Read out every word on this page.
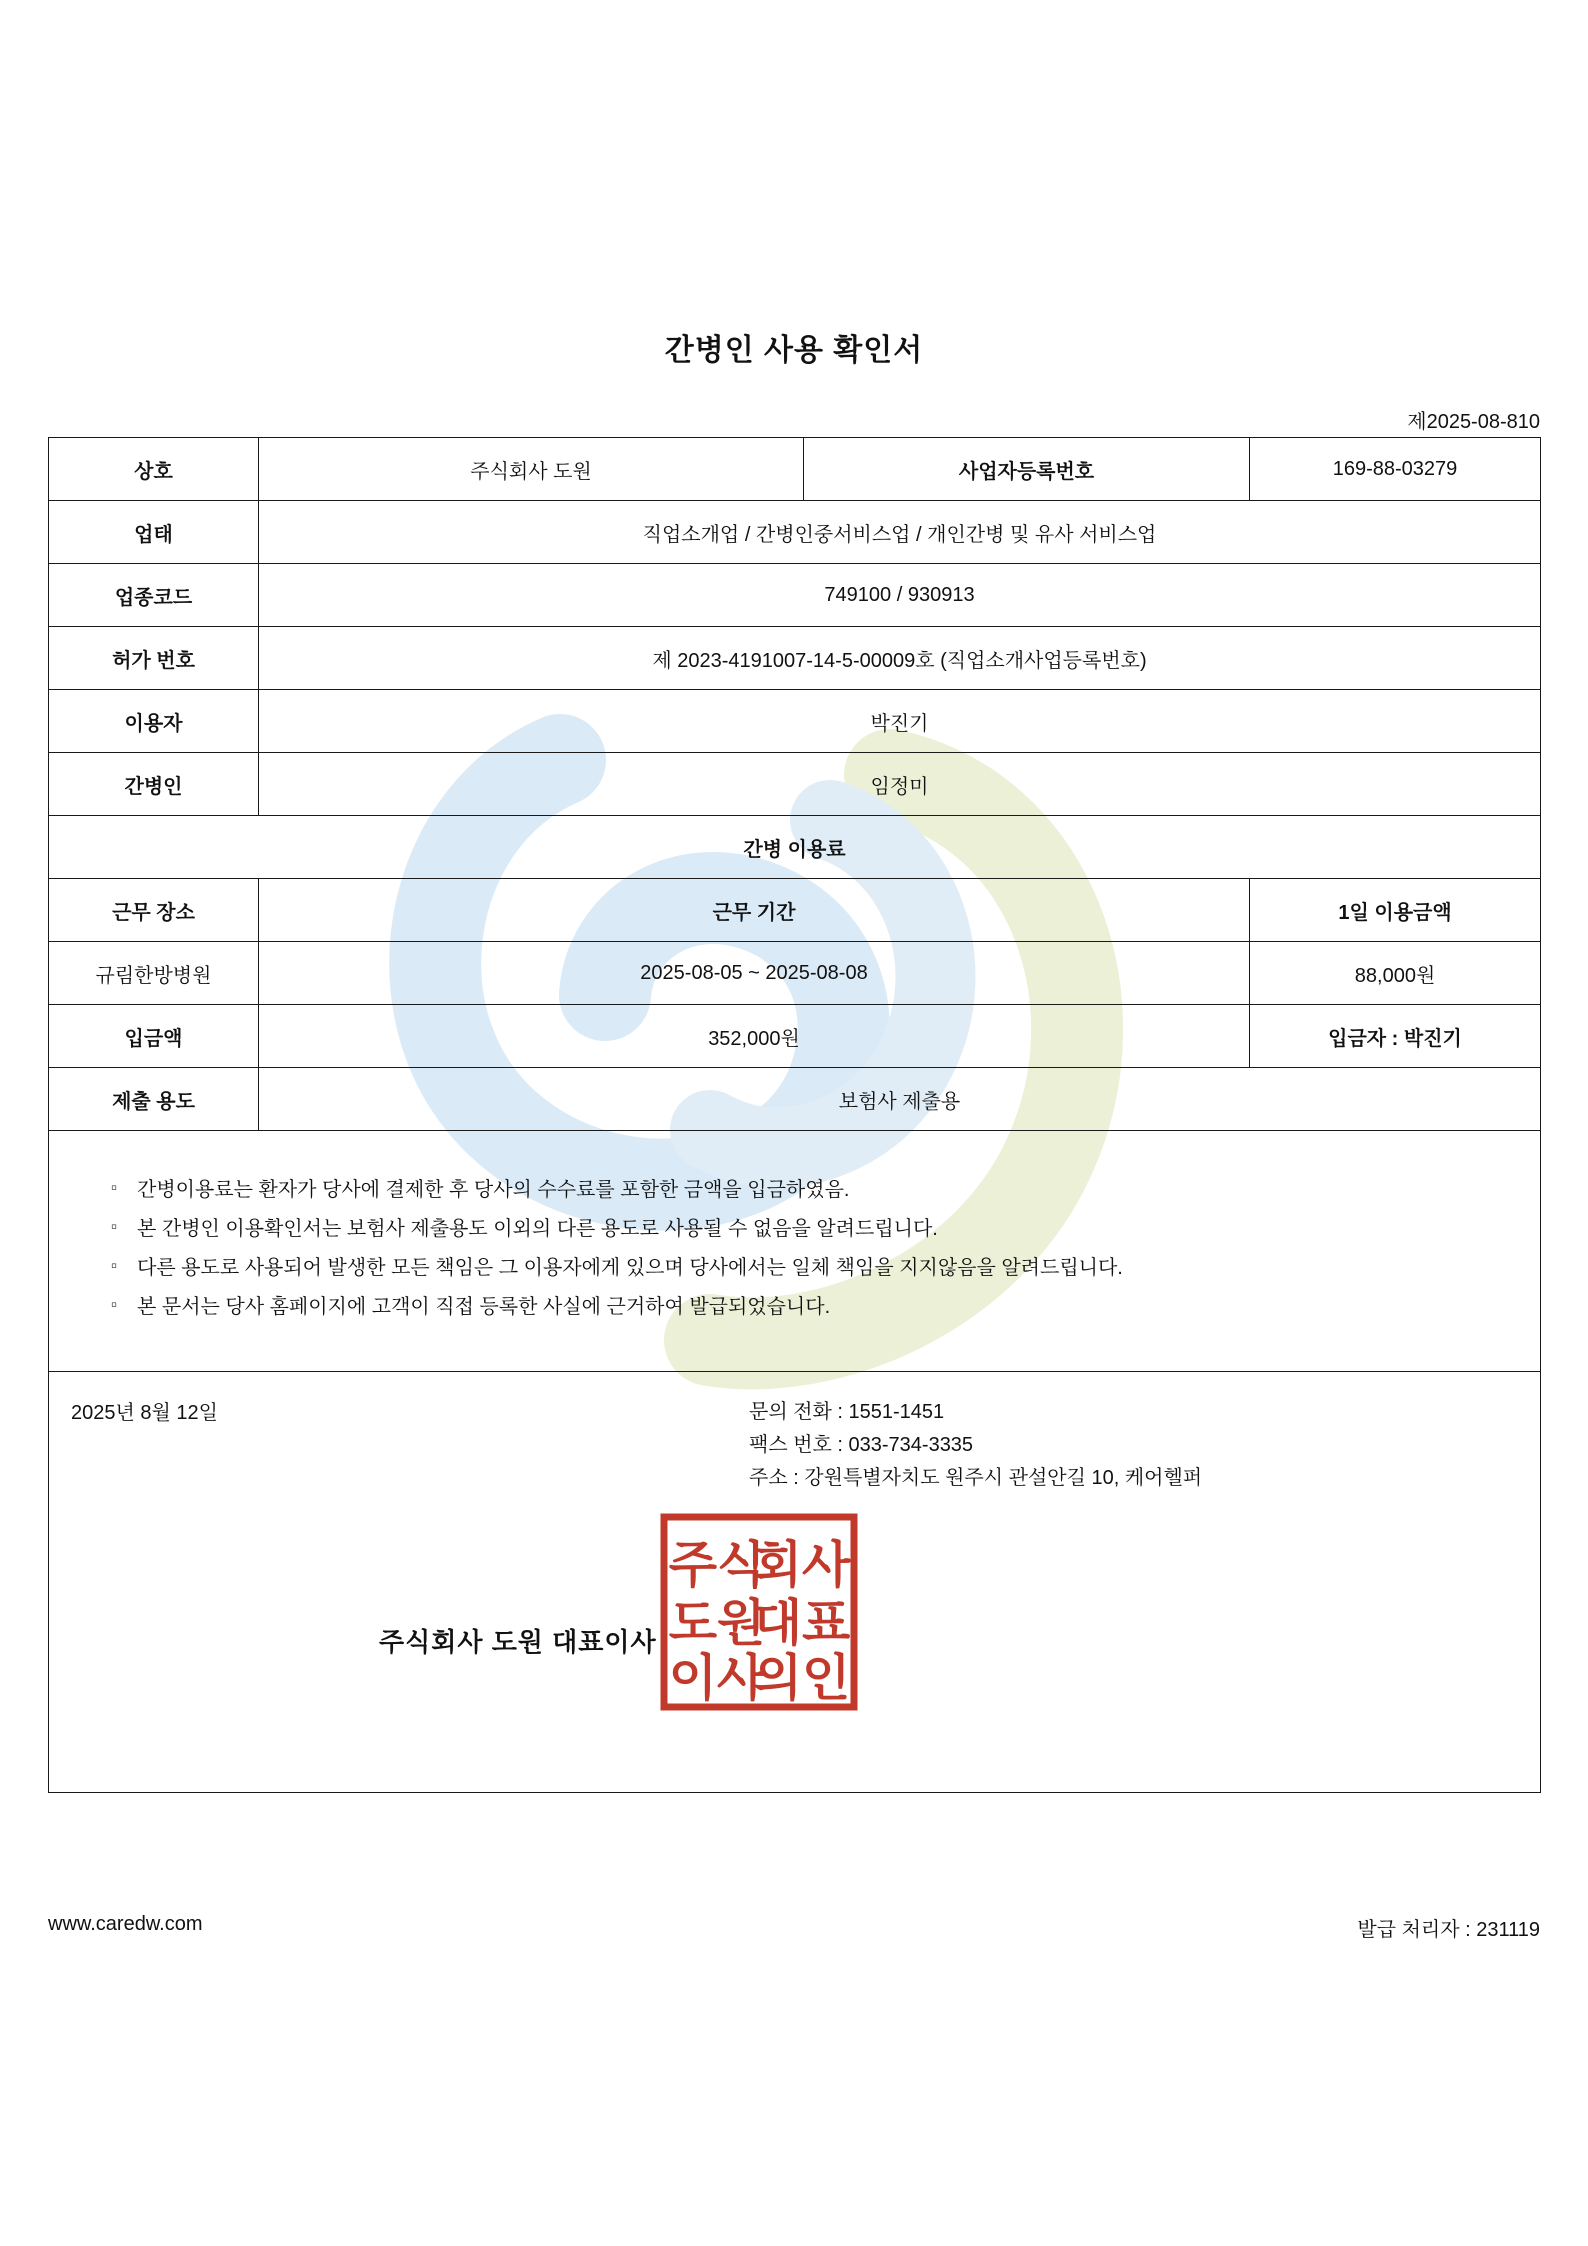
간병인 사용 확인서
제2025-08-810
상호	주식회사 도원	사업자등록번호	169-88-03279
업태	직업소개업 / 간병인중서비스업 / 개인간병 및 유사 서비스업		
업종코드	749100 / 930913		
허가 번호	제 2023-4191007-14-5-00009호 (직업소개사업등록번호)		
이용자	박진기		
간병인	임정미		
간병 이용료			
근무 장소	근무 기간		1일 이용금액
규림한방병원	2025-08-05 ~ 2025-08-08		88,000원
입금액	352,000원		입금자 : 박진기
제출 용도	보험사 제출용		

▫ 간병이용료는 환자가 당사에 결제한 후 당사의 수수료를 포함한 금액을 입금하였음.
▫ 본 간병인 이용확인서는 보험사 제출용도 이외의 다른 용도로 사용될 수 없음을 알려드립니다.
▫ 다른 용도로 사용되어 발생한 모든 책임은 그 이용자에게 있으며 당사에서는 일체 책임을 지지않음을 알려드립니다.
▫ 본 문서는 당사 홈페이지에 고객이 직접 등록한 사실에 근거하여 발급되었습니다.

2025년 8월 12일	문의 전화 : 1551-1451
팩스 번호 : 033-734-3335
주소 : 강원특별자치도 원주시 관설안길 10, 케어헬퍼
주식
회사
도원
대표
이사
의인
주식회사 도원 대표이사
www.caredw.com	발급 처리자 : 231119
